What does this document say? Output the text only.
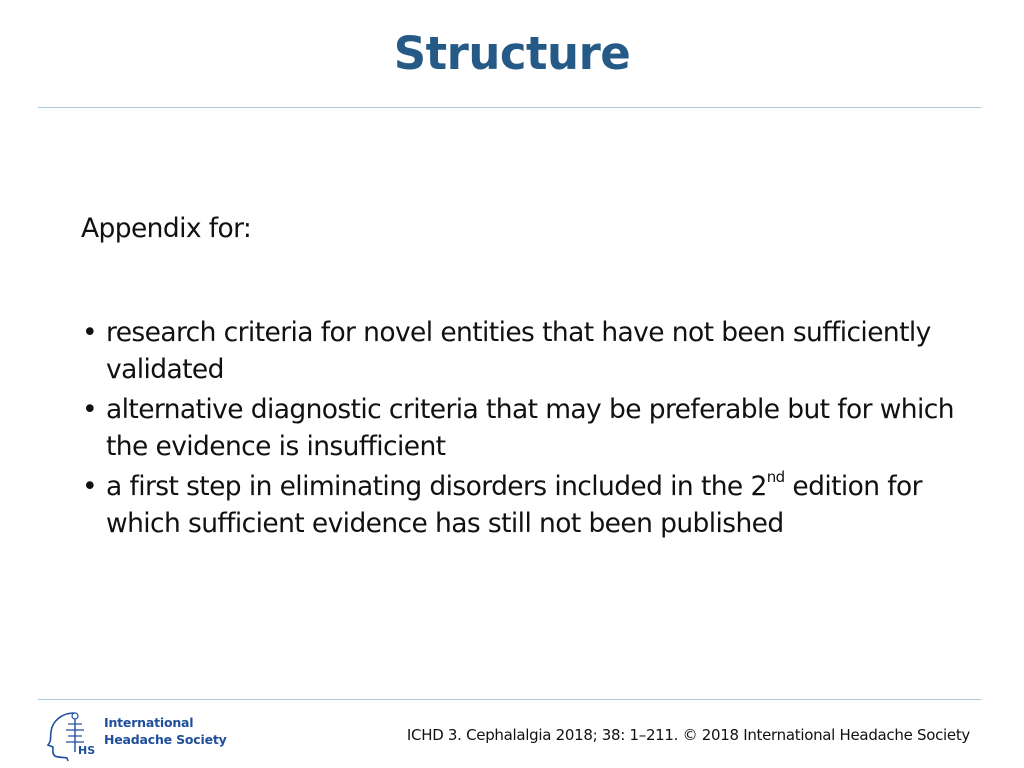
Structure
Appendix for:
• research criteria for novel entities that have not been sufficiently validated
• alternative diagnostic criteria that may be preferable but for which the evidence is insufficient
• a first step in eliminating disorders included in the 2nd edition for which sufficient evidence has still not been published
HS
International
Headache Society	ICHD 3. Cephalalgia 2018; 38: 1–211. © 2018 International Headache Society
